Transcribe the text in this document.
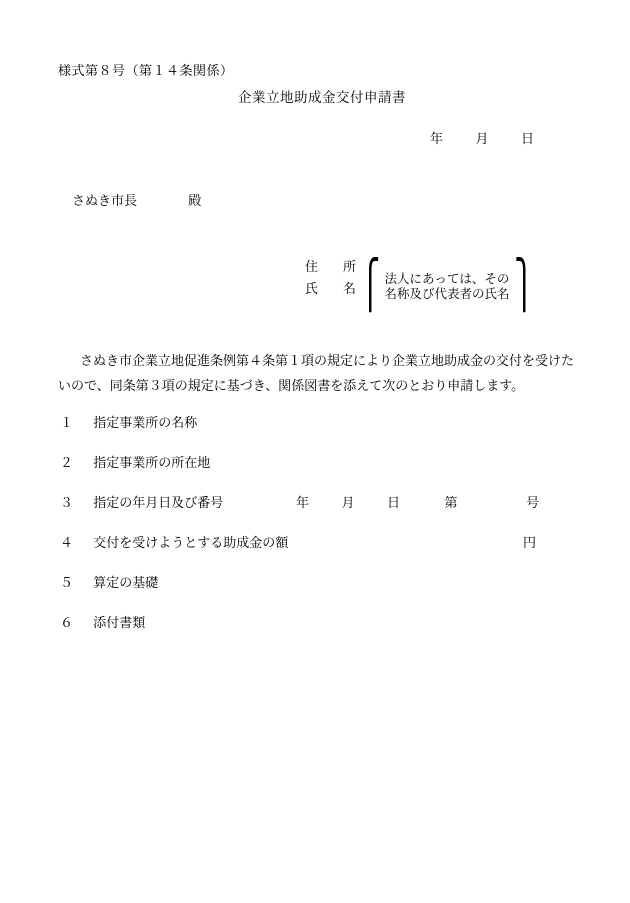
様式第８号（第１４条関係）
企業立地助成金交付申請書
年	月	日
さぬき市長	殿
住　所
氏　名
⎧ 法人にあっては、その
名称及び代表者の氏名 ⎫
さぬき市企業立地促進条例第４条第１項の規定により企業立地助成金の交付を受けたいので、同条第３項の規定に基づき、関係図書を添えて次のとおり申請します。
１ 指定事業所の名称
２ 指定事業所の所在地
３ 指定の年月日及び番号	年	月	日	第	号
４ 交付を受けようとする助成金の額	円
５ 算定の基礎
６ 添付書類
